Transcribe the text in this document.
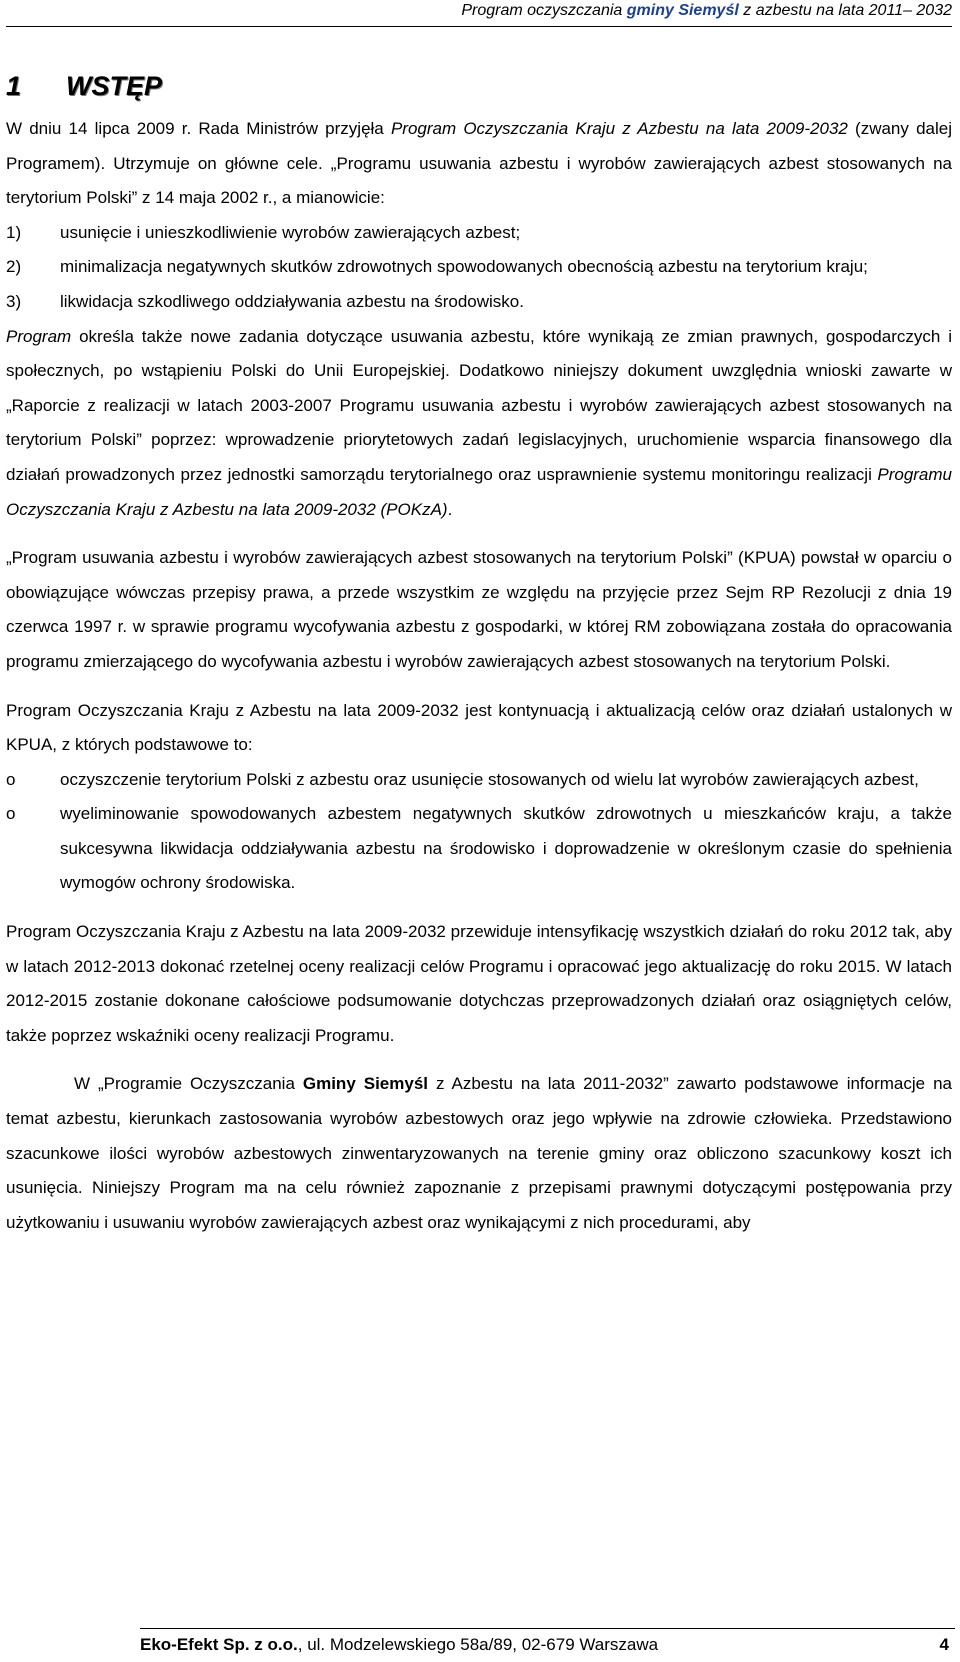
Program oczyszczania gminy Siemyśl z azbestu na lata 2011– 2032
1 WSTĘP

W dniu 14 lipca 2009 r. Rada Ministrów przyjęła Program Oczyszczania Kraju z Azbestu na lata 2009-2032 (zwany dalej Programem). Utrzymuje on główne cele. „Programu usuwania azbestu i wyrobów zawierających azbest stosowanych na terytorium Polski” z 14 maja 2002 r., a mianowicie:

1) usunięcie i unieszkodliwienie wyrobów zawierających azbest;
2) minimalizacja negatywnych skutków zdrowotnych spowodowanych obecnością azbestu na terytorium kraju;
3) likwidacja szkodliwego oddziaływania azbestu na środowisko.

Program określa także nowe zadania dotyczące usuwania azbestu, które wynikają ze zmian prawnych, gospodarczych i społecznych, po wstąpieniu Polski do Unii Europejskiej. Dodatkowo niniejszy dokument uwzględnia wnioski zawarte w „Raporcie z realizacji w latach 2003-2007 Programu usuwania azbestu i wyrobów zawierających azbest stosowanych na terytorium Polski” poprzez: wprowadzenie priorytetowych zadań legislacyjnych, uruchomienie wsparcia finansowego dla działań prowadzonych przez jednostki samorządu terytorialnego oraz usprawnienie systemu monitoringu realizacji Programu Oczyszczania Kraju z Azbestu na lata 2009-2032 (POKzA).

„Program usuwania azbestu i wyrobów zawierających azbest stosowanych na terytorium Polski” (KPUA) powstał w oparciu o obowiązujące wówczas przepisy prawa, a przede wszystkim ze względu na przyjęcie przez Sejm RP Rezolucji z dnia 19 czerwca 1997 r. w sprawie programu wycofywania azbestu z gospodarki, w której RM zobowiązana została do opracowania programu zmierzającego do wycofywania azbestu i wyrobów zawierających azbest stosowanych na terytorium Polski.

Program Oczyszczania Kraju z Azbestu na lata 2009-2032 jest kontynuacją i aktualizacją celów oraz działań ustalonych w KPUA, z których podstawowe to:

o	oczyszczenie terytorium Polski z azbestu oraz usunięcie stosowanych od wielu lat wyrobów zawierających azbest,
o	wyeliminowanie spowodowanych azbestem negatywnych skutków zdrowotnych u mieszkańców kraju, a także sukcesywna likwidacja oddziaływania azbestu na środowisko i doprowadzenie w określonym czasie do spełnienia wymogów ochrony środowiska.

Program Oczyszczania Kraju z Azbestu na lata 2009-2032 przewiduje intensyfikację wszystkich działań do roku 2012 tak, aby w latach 2012-2013 dokonać rzetelnej oceny realizacji celów Programu i opracować jego aktualizację do roku 2015. W latach 2012-2015 zostanie dokonane całościowe podsumowanie dotychczas przeprowadzonych działań oraz osiągniętych celów, także poprzez wskaźniki oceny realizacji Programu.

W „Programie Oczyszczania Gminy Siemyśl z Azbestu na lata 2011-2032” zawarto podstawowe informacje na temat azbestu, kierunkach zastosowania wyrobów azbestowych oraz jego wpływie na zdrowie człowieka. Przedstawiono szacunkowe ilości wyrobów azbestowych zinwentaryzowanych na terenie gminy oraz obliczono szacunkowy koszt ich usunięcia. Niniejszy Program ma na celu również zapoznanie z przepisami prawnymi dotyczącymi postępowania przy użytkowaniu i usuwaniu wyrobów zawierających azbest oraz wynikającymi z nich procedurami, aby

Eko-Efekt Sp. z o.o., ul. Modzelewskiego 58a/89, 02-679 Warszawa	4
